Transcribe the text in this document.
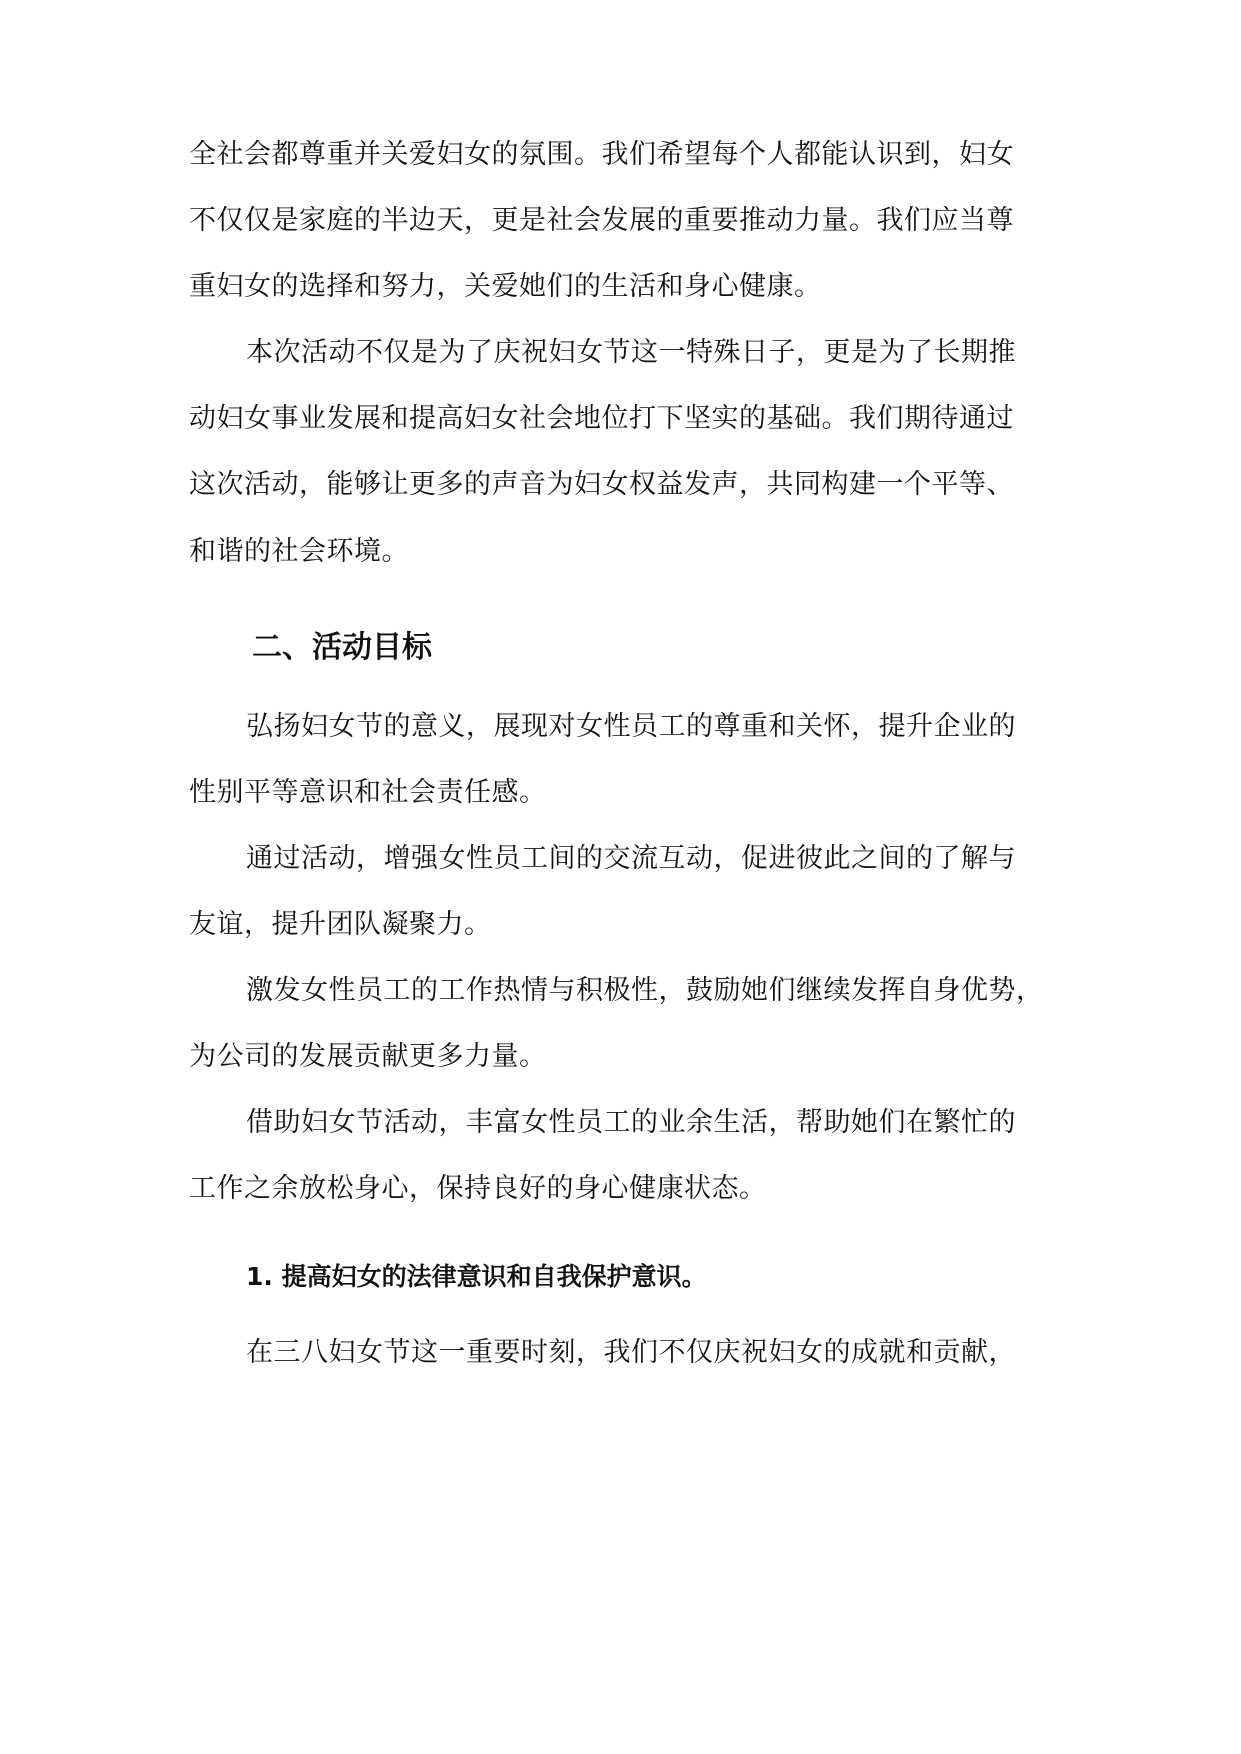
全社会都尊重并关爱妇女的氛围。我们希望每个人都能认识到，妇女
不仅仅是家庭的半边天，更是社会发展的重要推动力量。我们应当尊
重妇女的选择和努力，关爱她们的生活和身心健康。
本次活动不仅是为了庆祝妇女节这一特殊日子，更是为了长期推
动妇女事业发展和提高妇女社会地位打下坚实的基础。我们期待通过
这次活动，能够让更多的声音为妇女权益发声，共同构建一个平等、
和谐的社会环境。
二、活动目标
弘扬妇女节的意义，展现对女性员工的尊重和关怀，提升企业的
性别平等意识和社会责任感。
通过活动，增强女性员工间的交流互动，促进彼此之间的了解与
友谊，提升团队凝聚力。
激发女性员工的工作热情与积极性，鼓励她们继续发挥自身优势，
为公司的发展贡献更多力量。
借助妇女节活动，丰富女性员工的业余生活，帮助她们在繁忙的
工作之余放松身心，保持良好的身心健康状态。
1. 提高妇女的法律意识和自我保护意识。
在三八妇女节这一重要时刻，我们不仅庆祝妇女的成就和贡献，
